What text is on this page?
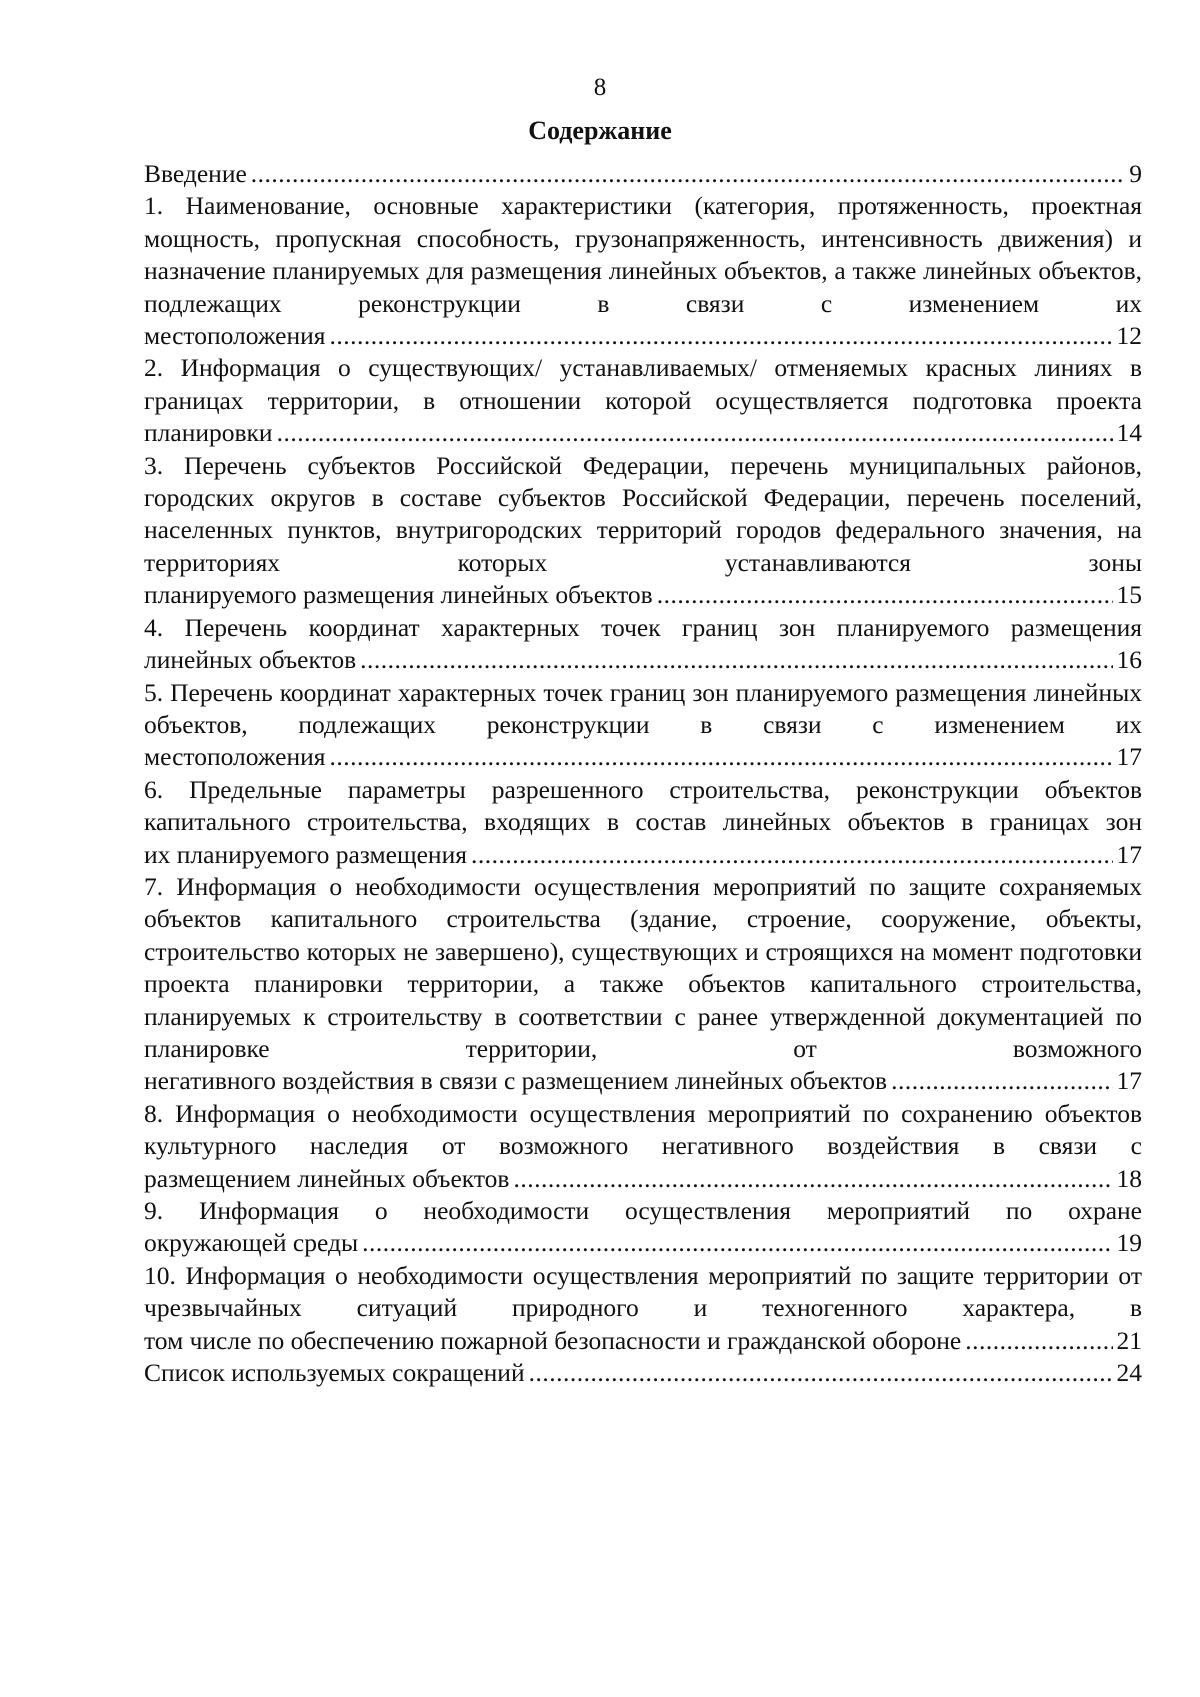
8
Содержание
Введение .....	9
1. Наименование, основные характеристики (категория, протяженность, проектная мощность, пропускная способность, грузонапряженность, интенсивность движения) и назначение планируемых для размещения линейных объектов, а также линейных объектов, подлежащих реконструкции в связи с изменением их
местоположения .....	12
2. Информация о существующих/ устанавливаемых/ отменяемых красных линиях в границах территории, в отношении которой осуществляется подготовка проекта
планировки .....	14
3. Перечень субъектов Российской Федерации, перечень муниципальных районов, городских округов в составе субъектов Российской Федерации, перечень поселений, населенных пунктов, внутригородских территорий городов федерального значения, на территориях которых устанавливаются зоны
планируемого размещения линейных объектов .....	15
4. Перечень координат характерных точек границ зон планируемого размещения
линейных объектов .....	16
5. Перечень координат характерных точек границ зон планируемого размещения линейных объектов, подлежащих реконструкции в связи с изменением их
местоположения .....	17
6. Предельные параметры разрешенного строительства, реконструкции объектов капитального строительства, входящих в состав линейных объектов в границах зон
их планируемого размещения .....	17
7. Информация о необходимости осуществления мероприятий по защите сохраняемых объектов капитального строительства (здание, строение, сооружение, объекты, строительство которых не завершено), существующих и строящихся на момент подготовки проекта планировки территории, а также объектов капитального строительства, планируемых к строительству в соответствии с ранее утвержденной документацией по планировке территории, от возможного
негативного воздействия в связи с размещением линейных объектов .....	17
8. Информация о необходимости осуществления мероприятий по сохранению объектов культурного наследия от возможного негативного воздействия в связи с
размещением линейных объектов .....	18
9. Информация о необходимости осуществления мероприятий по охране
окружающей среды .....	19
10. Информация о необходимости осуществления мероприятий по защите территории от чрезвычайных ситуаций природного и техногенного характера, в
том числе по обеспечению пожарной безопасности и гражданской обороне .....	21
Список используемых сокращений .....	24
